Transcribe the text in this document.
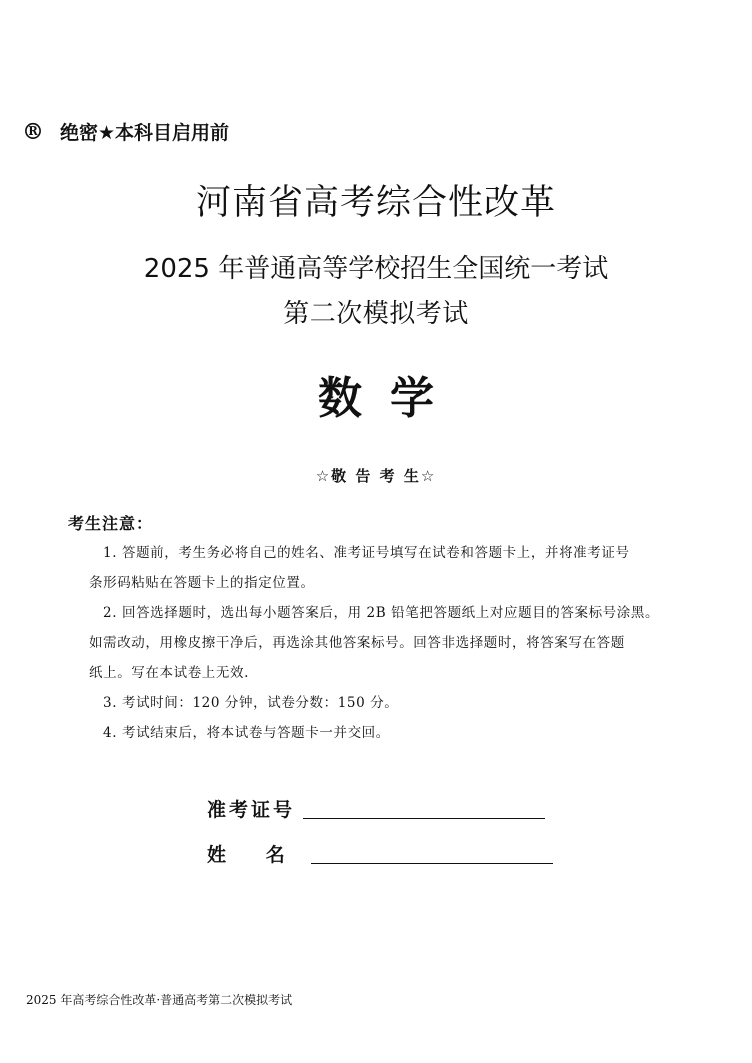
® 绝密★本科目启用前
河南省高考综合性改革
2025 年普通高等学校招生全国统一考试
第二次模拟考试
数学
☆敬 告 考 生☆
考生注意：
1. 答题前，考生务必将自己的姓名、准考证号填写在试卷和答题卡上，并将准考证号
条形码粘贴在答题卡上的指定位置。
2. 回答选择题时，选出每小题答案后，用 2B 铅笔把答题纸上对应题目的答案标号涂黑。
如需改动，用橡皮擦干净后，再选涂其他答案标号。回答非选择题时，将答案写在答题
纸上。写在本试卷上无效.
3. 考试时间：120 分钟，试卷分数：150 分。
4. 考试结束后，将本试卷与答题卡一并交回。
准考证号
姓      名
2025 年高考综合性改革·普通高考第二次模拟考试
